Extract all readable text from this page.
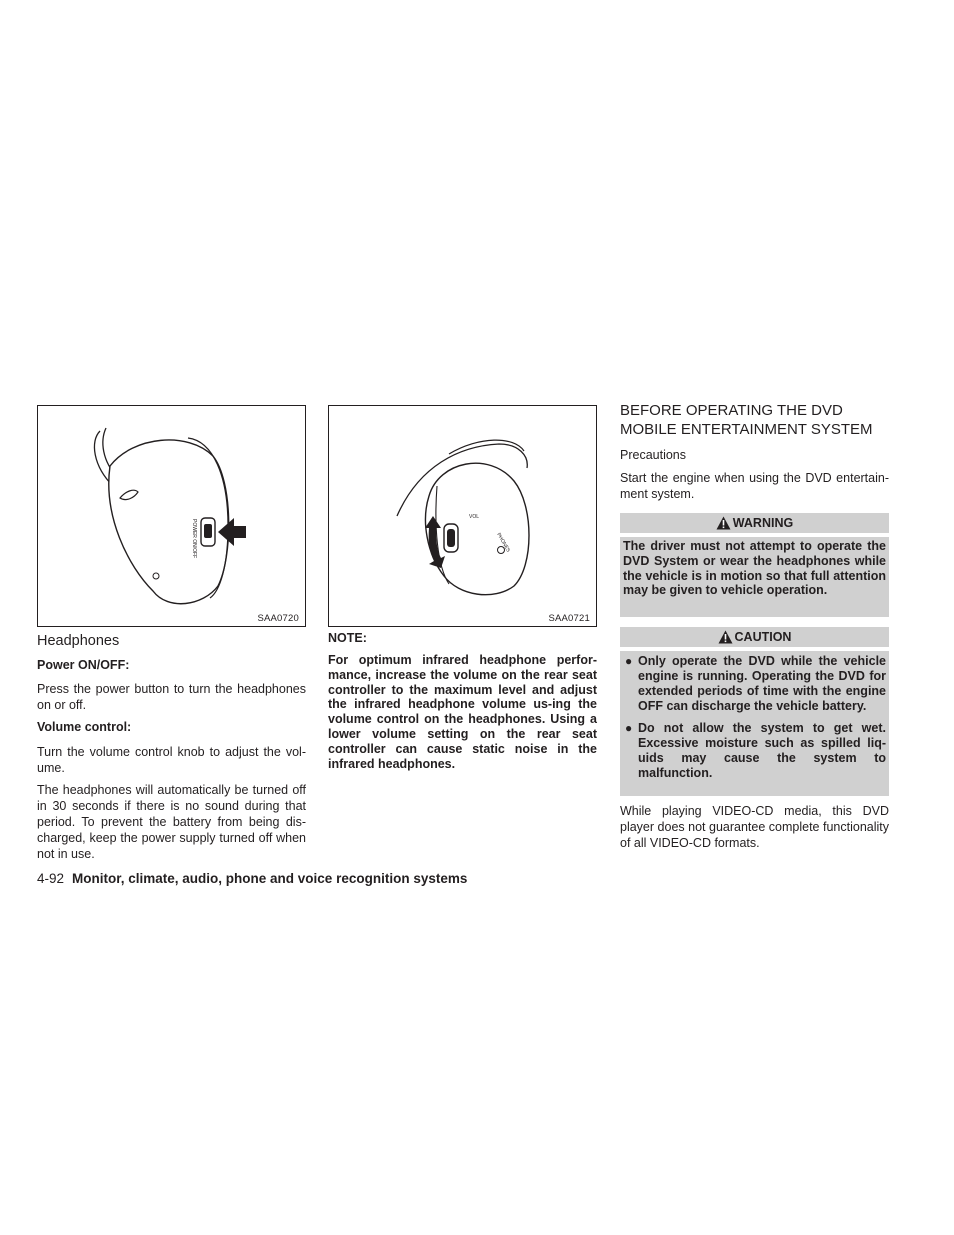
POWER ON/OFF
SAA0720
VOL
PHONES
SAA0721
Headphones

Power ON/OFF:

Press the power button to turn the headphones on or off.

Volume control:

Turn the volume control knob to adjust the vol-ume.

The headphones will automatically be turned off in 30 seconds if there is no sound during that period. To prevent the battery from being dis-charged, keep the power supply turned off when not in use.

NOTE:

For optimum infrared headphone perfor-mance, increase the volume on the rear seat controller to the maximum level and adjust the infrared headphone volume us-ing the volume control on the headphones. Using a lower volume setting on the rear seat controller can cause static noise in the infrared headphones.

BEFORE OPERATING THE DVD
MOBILE ENTERTAINMENT SYSTEM

Precautions

Start the engine when using the DVD entertain-ment system.

WARNING

The driver must not attempt to operate the DVD System or wear the headphones while the vehicle is in motion so that full attention may be given to vehicle operation.

CAUTION
● Only operate the DVD while the vehicle engine is running. Operating the DVD for extended periods of time with the engine OFF can discharge the vehicle battery.
● Do not allow the system to get wet. Excessive moisture such as spilled liq-uids may cause the system to malfunction.

While playing VIDEO-CD media, this DVD player does not guarantee complete functionality of all VIDEO-CD formats.

4-92 Monitor, climate, audio, phone and voice recognition systems
